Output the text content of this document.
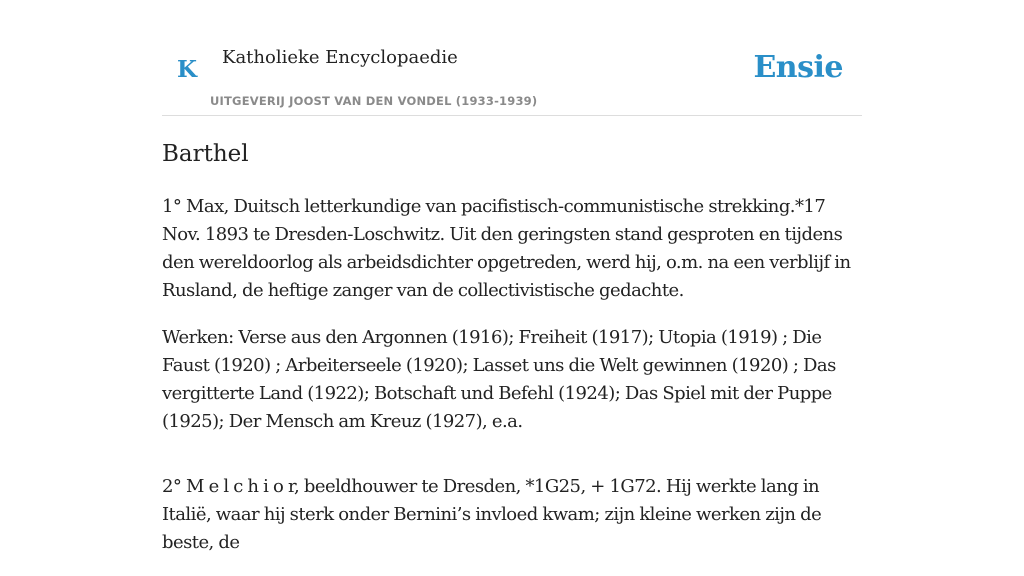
K Katholieke Encyclopaedie
UITGEVERIJ JOOST VAN DEN VONDEL (1933-1939)
Ensie
Barthel

1° Max, Duitsch letterkundige van pacifistisch-communistische strekking.*17 Nov. 1893 te Dresden-Loschwitz. Uit den geringsten stand gesproten en tijdens den wereldoorlog als arbeidsdichter opgetreden, werd hij, o.m. na een verblijf in Rusland, de heftige zanger van de collectivistische gedachte.

Werken: Verse aus den Argonnen (1916); Freiheit (1917); Utopia (1919) ; Die Faust (1920) ; Arbeiterseele (1920); Lasset uns die Welt gewinnen (1920) ; Das vergitterte Land (1922); Botschaft und Befehl (1924); Das Spiel mit der Puppe (1925); Der Mensch am Kreuz (1927), e.a.

2° M e l c h i o r, beeldhouwer te Dresden, *1G25, + 1G72. Hij werkte lang in Italië, waar hij sterk onder Bernini’s invloed kwam; zijn kleine werken zijn de beste, de
